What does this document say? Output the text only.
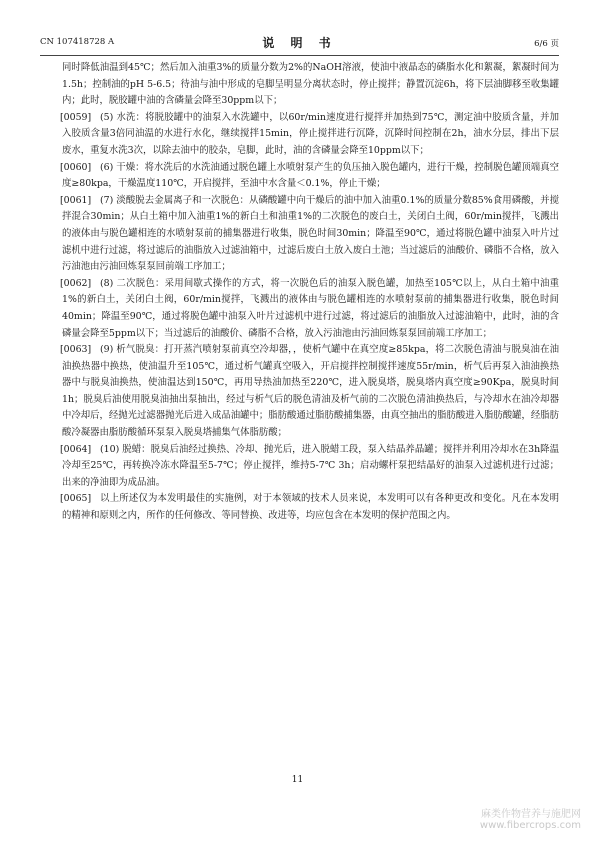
CN 107418728 A	说 明 书	6/6 页

同时降低油温到45℃；然后加入油重3%的质量分数为2%的NaOH溶液，使油中液晶态的磷脂水化和絮凝，絮凝时间为1.5h；控制油的pH 5-6.5；待油与油中形成的皂脚呈明显分离状态时，停止搅拌；静置沉淀6h，将下层油脚移至收集罐内；此时，脱胶罐中油的含磷量会降至30ppm以下；

[0059] (5) 水洗：将脱胶罐中的油泵入水洗罐中，以60r/min速度进行搅拌并加热到75℃，测定油中胶质含量，并加入胶质含量3倍同油温的水进行水化，继续搅拌15min，停止搅拌进行沉降，沉降时间控制在2h，油水分层，排出下层废水，重复水洗3次，以除去油中的胶杂，皂脚，此时，油的含磷量会降至10ppm以下；

[0060] (6) 干燥：将水洗后的水洗油通过脱色罐上水喷射泵产生的负压抽入脱色罐内，进行干燥，控制脱色罐顶端真空度≥80kpa，干燥温度110℃，开启搅拌，至油中水含量＜0.1%，停止干燥；

[0061] (7) 淡酸脱去金属离子和一次脱色：从磷酸罐中向干燥后的油中加入油重0.1%的质量分数85%食用磷酸，并搅拌混合30min；从白土箱中加入油重1%的新白土和油重1%的二次脱色的废白土，关闭白土阀，60r/min搅拌，飞溅出的液体由与脱色罐相连的水喷射泵前的捕集器进行收集，脱色时间30min；降温至90℃，通过将脱色罐中油泵入叶片过滤机中进行过滤，将过滤后的油脂放入过滤油箱中，过滤后废白土放入废白土池；当过滤后的油酸价、磷脂不合格，放入污油池由污油回炼泵泵回前端工序加工；

[0062] (8) 二次脱色：采用间歇式操作的方式，将一次脱色后的油泵入脱色罐，加热至105℃以上，从白土箱中油重1%的新白土，关闭白土阀，60r/min搅拌，飞溅出的液体由与脱色罐相连的水喷射泵前的捕集器进行收集，脱色时间40min；降温至90℃，通过将脱色罐中油泵入叶片过滤机中进行过滤，将过滤后的油脂放入过滤油箱中，此时，油的含磷量会降至5ppm以下；当过滤后的油酸价、磷脂不合格，放入污油池由污油回炼泵泵回前端工序加工；

[0063] (9) 析气脱臭：打开蒸汽喷射泵前真空冷却器，，使析气罐中在真空度≥85kpa，将二次脱色清油与脱臭油在油油换热器中换热，使油温升至105℃，通过析气罐真空吸入，开启搅拌控制搅拌速度55r/min，析气后再泵入油油换热器中与脱臭油换热，使油温达到150℃，再用导热油加热至220℃，进入脱臭塔，脱臭塔内真空度≥90Kpa，脱臭时间1h；脱臭后油使用脱臭油抽出泵抽出，经过与析气后的脱色清油及析气前的二次脱色清油换热后，与冷却水在油冷却器中冷却后，经抛光过滤器抛光后进入成品油罐中；脂肪酸通过脂肪酸捕集器，由真空抽出的脂肪酸进入脂肪酸罐，经脂肪酸冷凝器由脂肪酸循环泵泵入脱臭塔捕集气体脂肪酸；

[0064] (10) 脱蜡：脱臭后油经过换热、冷却、抛光后，进入脱蜡工段，泵入结晶养晶罐；搅拌并利用冷却水在3h降温冷却至25℃，再转换冷冻水降温至5-7℃；停止搅拌，维持5-7℃ 3h；启动螺杆泵把结晶好的油泵入过滤机进行过滤；出来的净油即为成品油。

[0065] 以上所述仅为本发明最佳的实施例，对于本领域的技术人员来说，本发明可以有各种更改和变化。凡在本发明的精神和原则之内，所作的任何修改、等同替换、改进等，均应包含在本发明的保护范围之内。

11
麻类作物营养与施肥网
www.fibercrops.com
